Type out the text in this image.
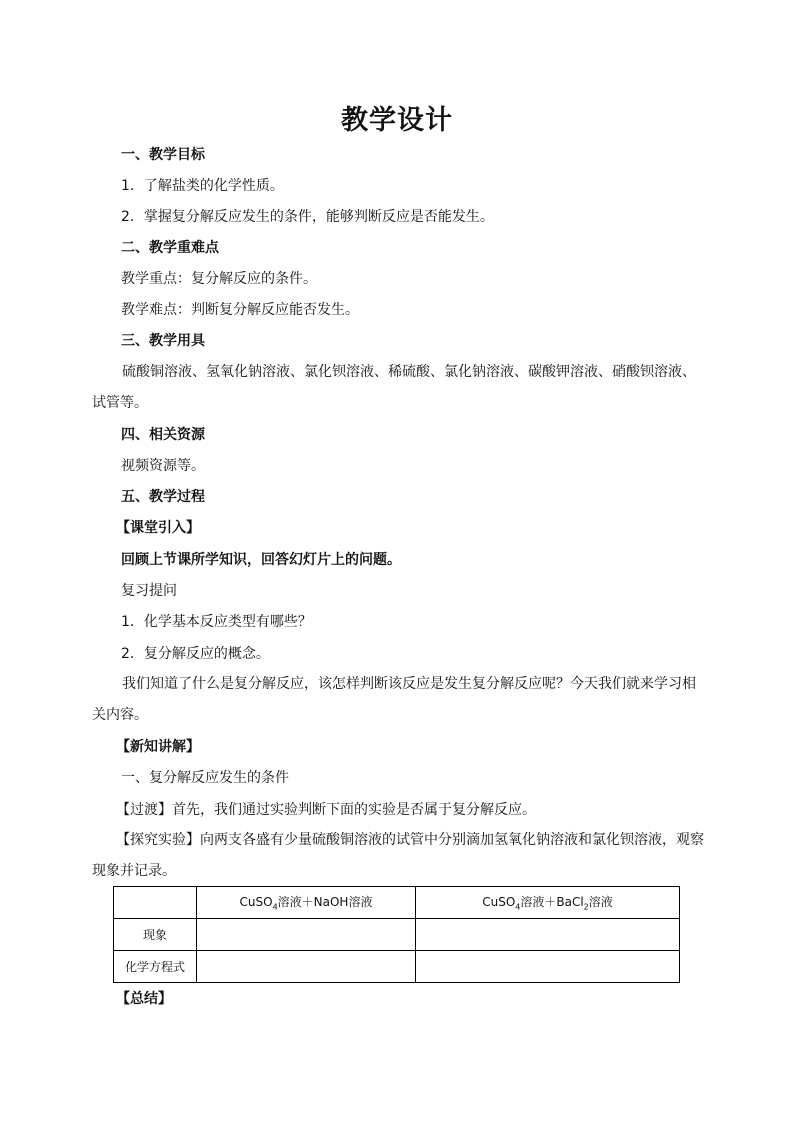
教学设计
一、教学目标
1．了解盐类的化学性质。
2．掌握复分解反应发生的条件，能够判断反应是否能发生。
二、教学重难点
教学重点：复分解反应的条件。
教学难点：判断复分解反应能否发生。
三、教学用具
硫酸铜溶液、氢氧化钠溶液、氯化钡溶液、稀硫酸、氯化钠溶液、碳酸钾溶液、硝酸钡溶液、试管等。
四、相关资源
视频资源等。
五、教学过程
【课堂引入】
回顾上节课所学知识，回答幻灯片上的问题。
复习提问
1．化学基本反应类型有哪些？
2．复分解反应的概念。
我们知道了什么是复分解反应，该怎样判断该反应是发生复分解反应呢？今天我们就来学习相关内容。
【新知讲解】
一、复分解反应发生的条件
【过渡】首先，我们通过实验判断下面的实验是否属于复分解反应。
【探究实验】向两支各盛有少量硫酸铜溶液的试管中分别滴加氢氧化钠溶液和氯化钡溶液，观察现象并记录。
	CuSO$_4$溶液＋NaOH溶液	CuSO$_4$溶液＋BaCl$_2$溶液
现象		
化学方程式		
【总结】
